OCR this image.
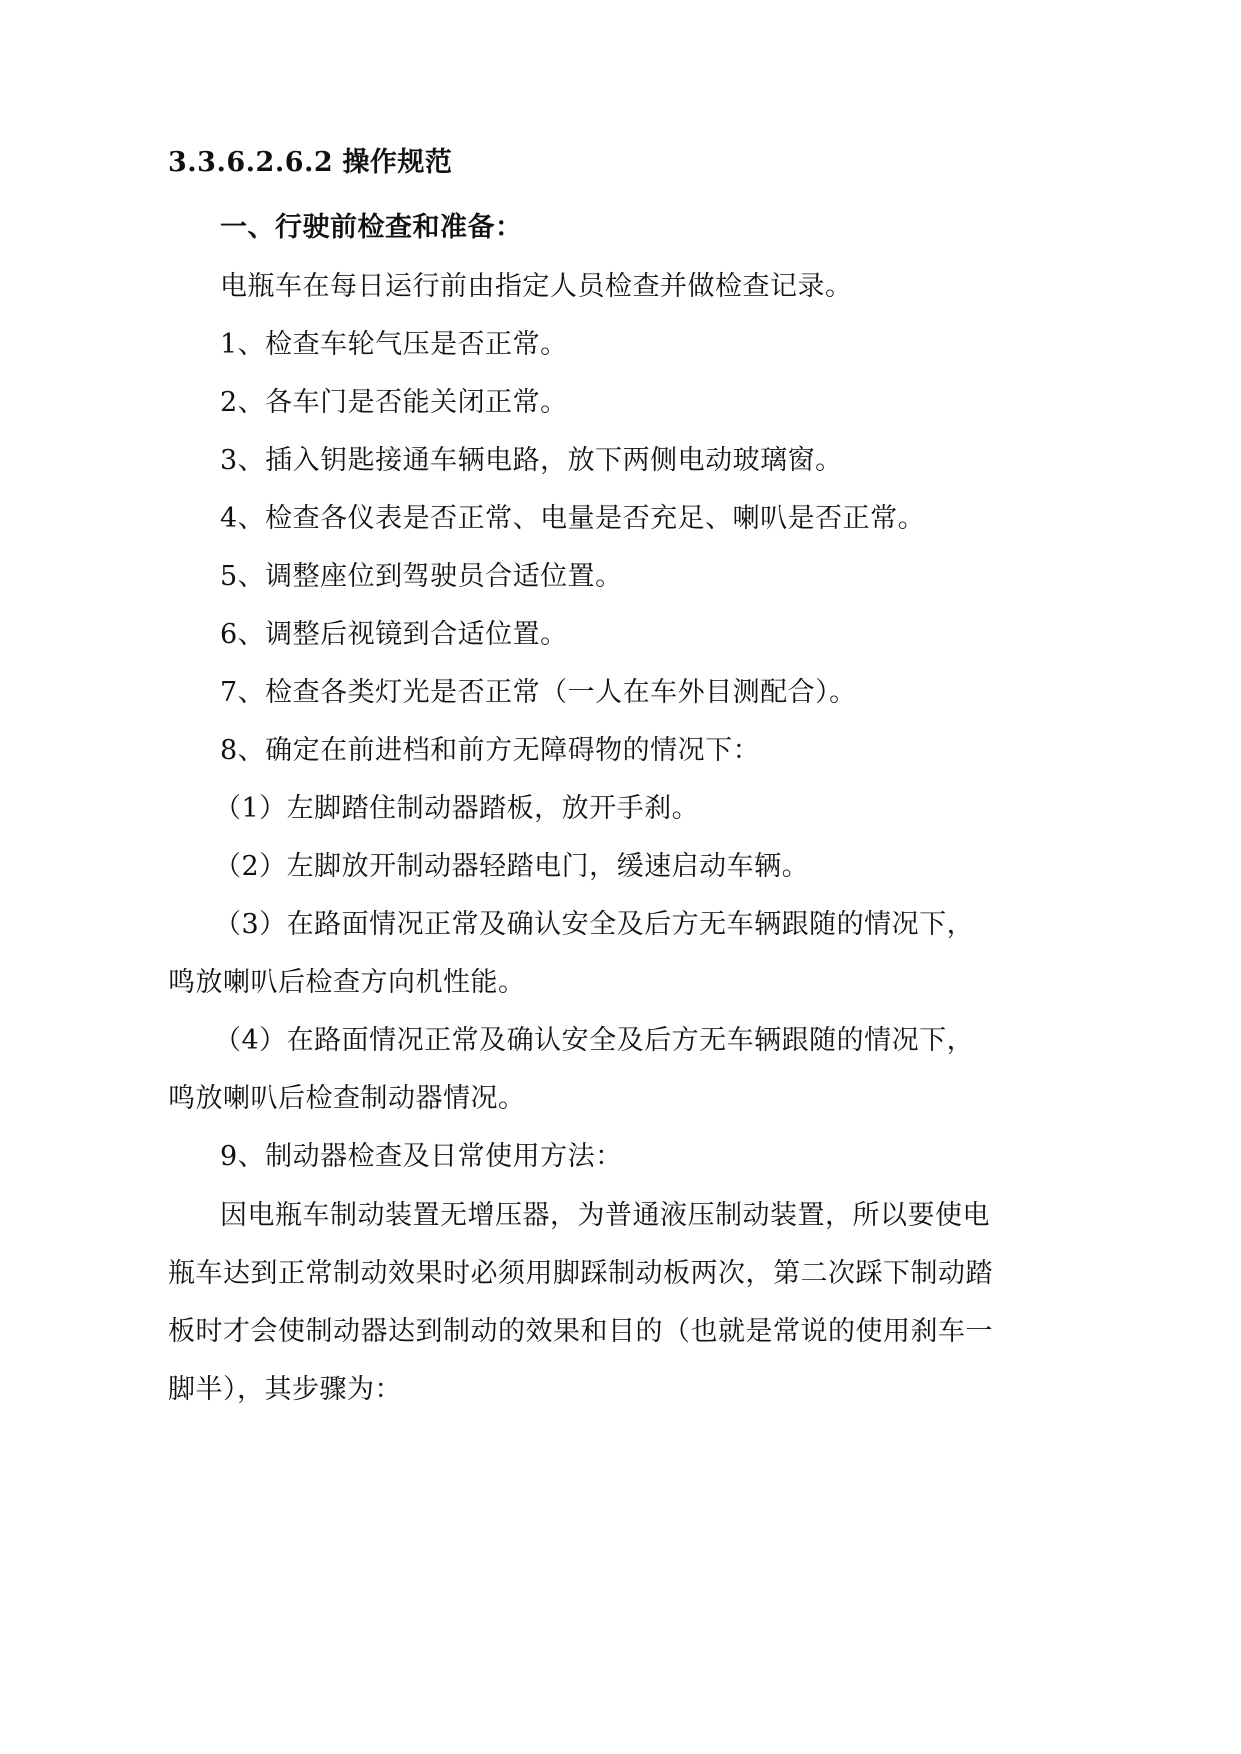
3.3.6.2.6.2 操作规范
一、行驶前检查和准备：
电瓶车在每日运行前由指定人员检查并做检查记录。
1、检查车轮气压是否正常。
2、各车门是否能关闭正常。
3、插入钥匙接通车辆电路，放下两侧电动玻璃窗。
4、检查各仪表是否正常、电量是否充足、喇叭是否正常。
5、调整座位到驾驶员合适位置。
6、调整后视镜到合适位置。
7、检查各类灯光是否正常（一人在车外目测配合）。
8、确定在前进档和前方无障碍物的情况下：
（1）左脚踏住制动器踏板，放开手刹。
（2）左脚放开制动器轻踏电门，缓速启动车辆。
（3）在路面情况正常及确认安全及后方无车辆跟随的情况下，
鸣放喇叭后检查方向机性能。
（4）在路面情况正常及确认安全及后方无车辆跟随的情况下，
鸣放喇叭后检查制动器情况。
9、制动器检查及日常使用方法：
因电瓶车制动装置无增压器，为普通液压制动装置，所以要使电
瓶车达到正常制动效果时必须用脚踩制动板两次，第二次踩下制动踏
板时才会使制动器达到制动的效果和目的（也就是常说的使用刹车一
脚半），其步骤为：
